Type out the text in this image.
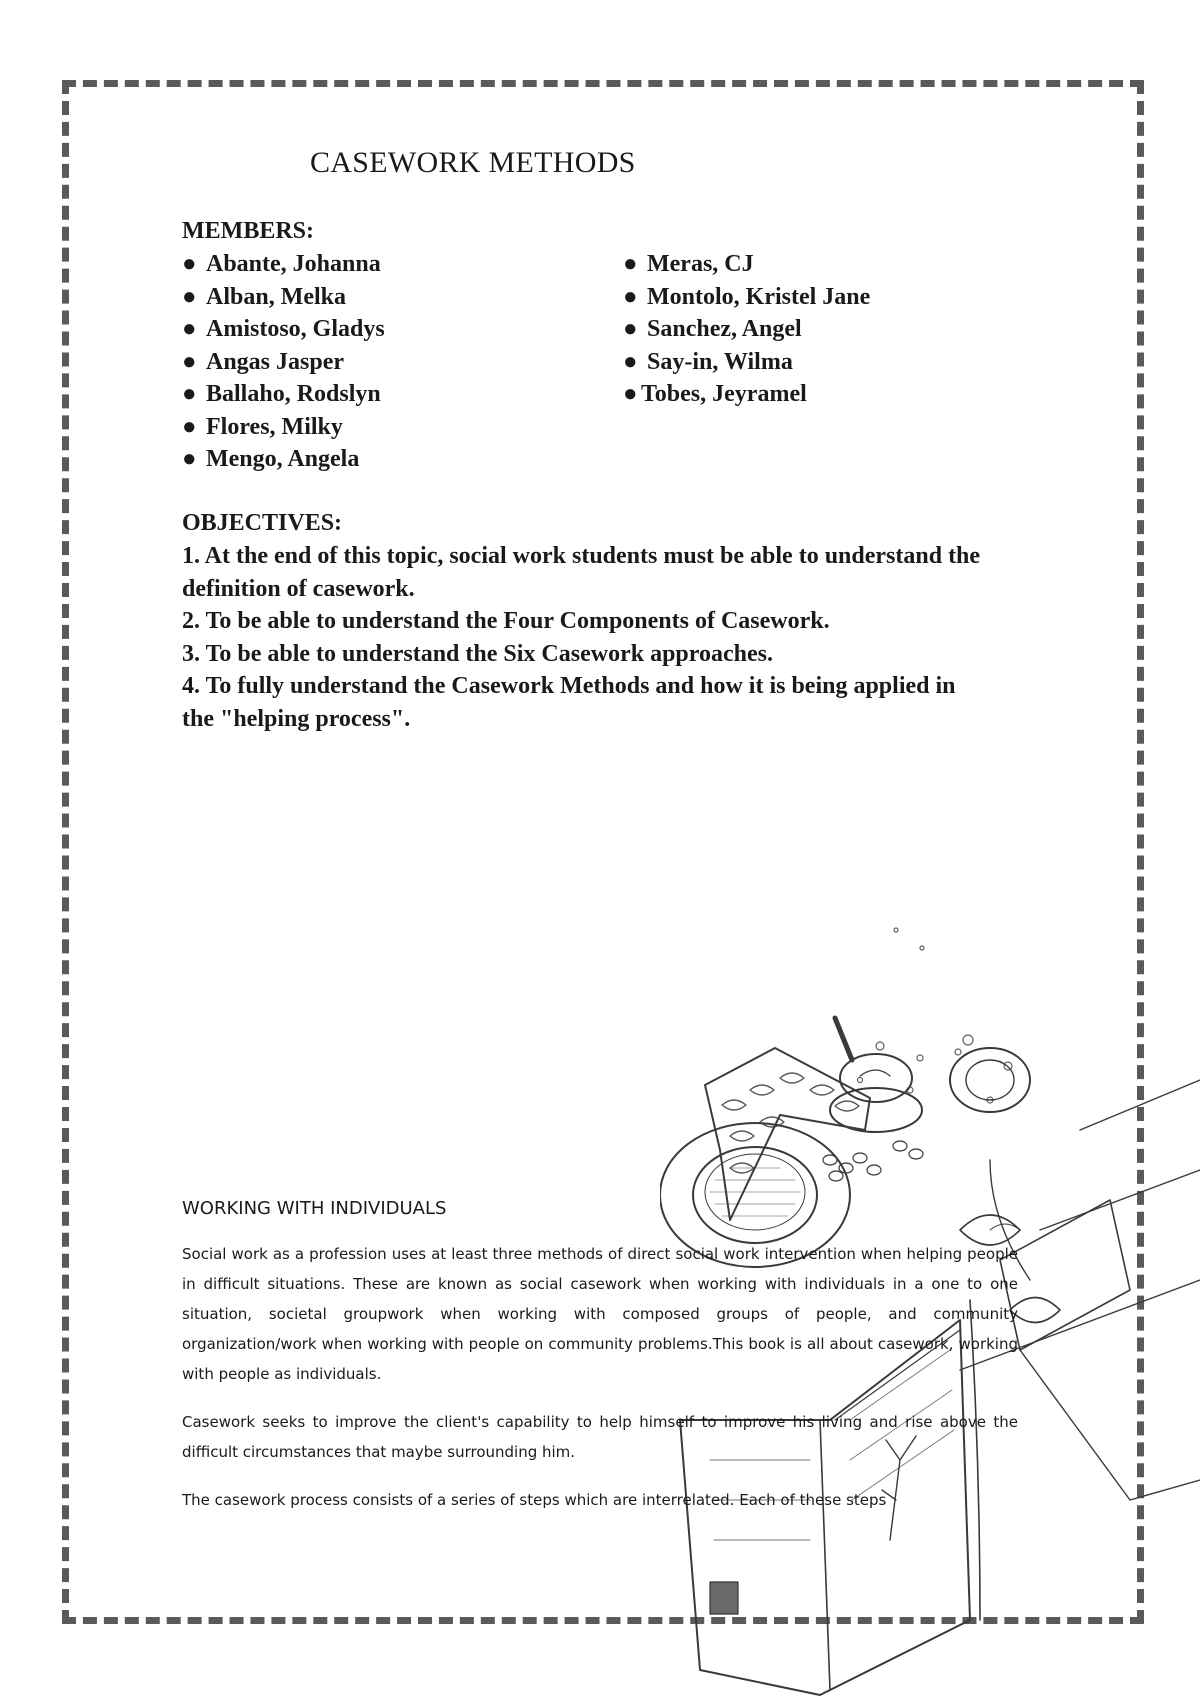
CASEWORK METHODS
MEMBERS:
● Abante, Johanna
● Alban, Melka
● Amistoso, Gladys
● Angas Jasper
● Ballaho, Rodslyn
● Flores, Milky
● Mengo, Angela
● Meras, CJ
● Montolo, Kristel Jane
● Sanchez, Angel
● Say-in, Wilma
● Tobes, Jeyramel
OBJECTIVES:
1. At the end of this topic, social work students must be able to understand the definition of casework.
2. To be able to understand the Four Components of Casework.
3. To be able to understand the Six Casework approaches.
4. To fully understand the Casework Methods and how it is being applied in the "helping process".
WORKING WITH INDIVIDUALS

Social work as a profession uses at least three methods of direct social work intervention when helping people in difficult situations. These are known as social casework when working with individuals in a one to one situation, societal groupwork when working with composed groups of people, and community organization/work when working with people on community problems.This book is all about casework, working with people as individuals.

Casework seeks to improve the client's capability to help himself to improve his living and rise above the difficult circumstances that maybe surrounding him.

The casework process consists of a series of steps which are interrelated. Each of these steps
